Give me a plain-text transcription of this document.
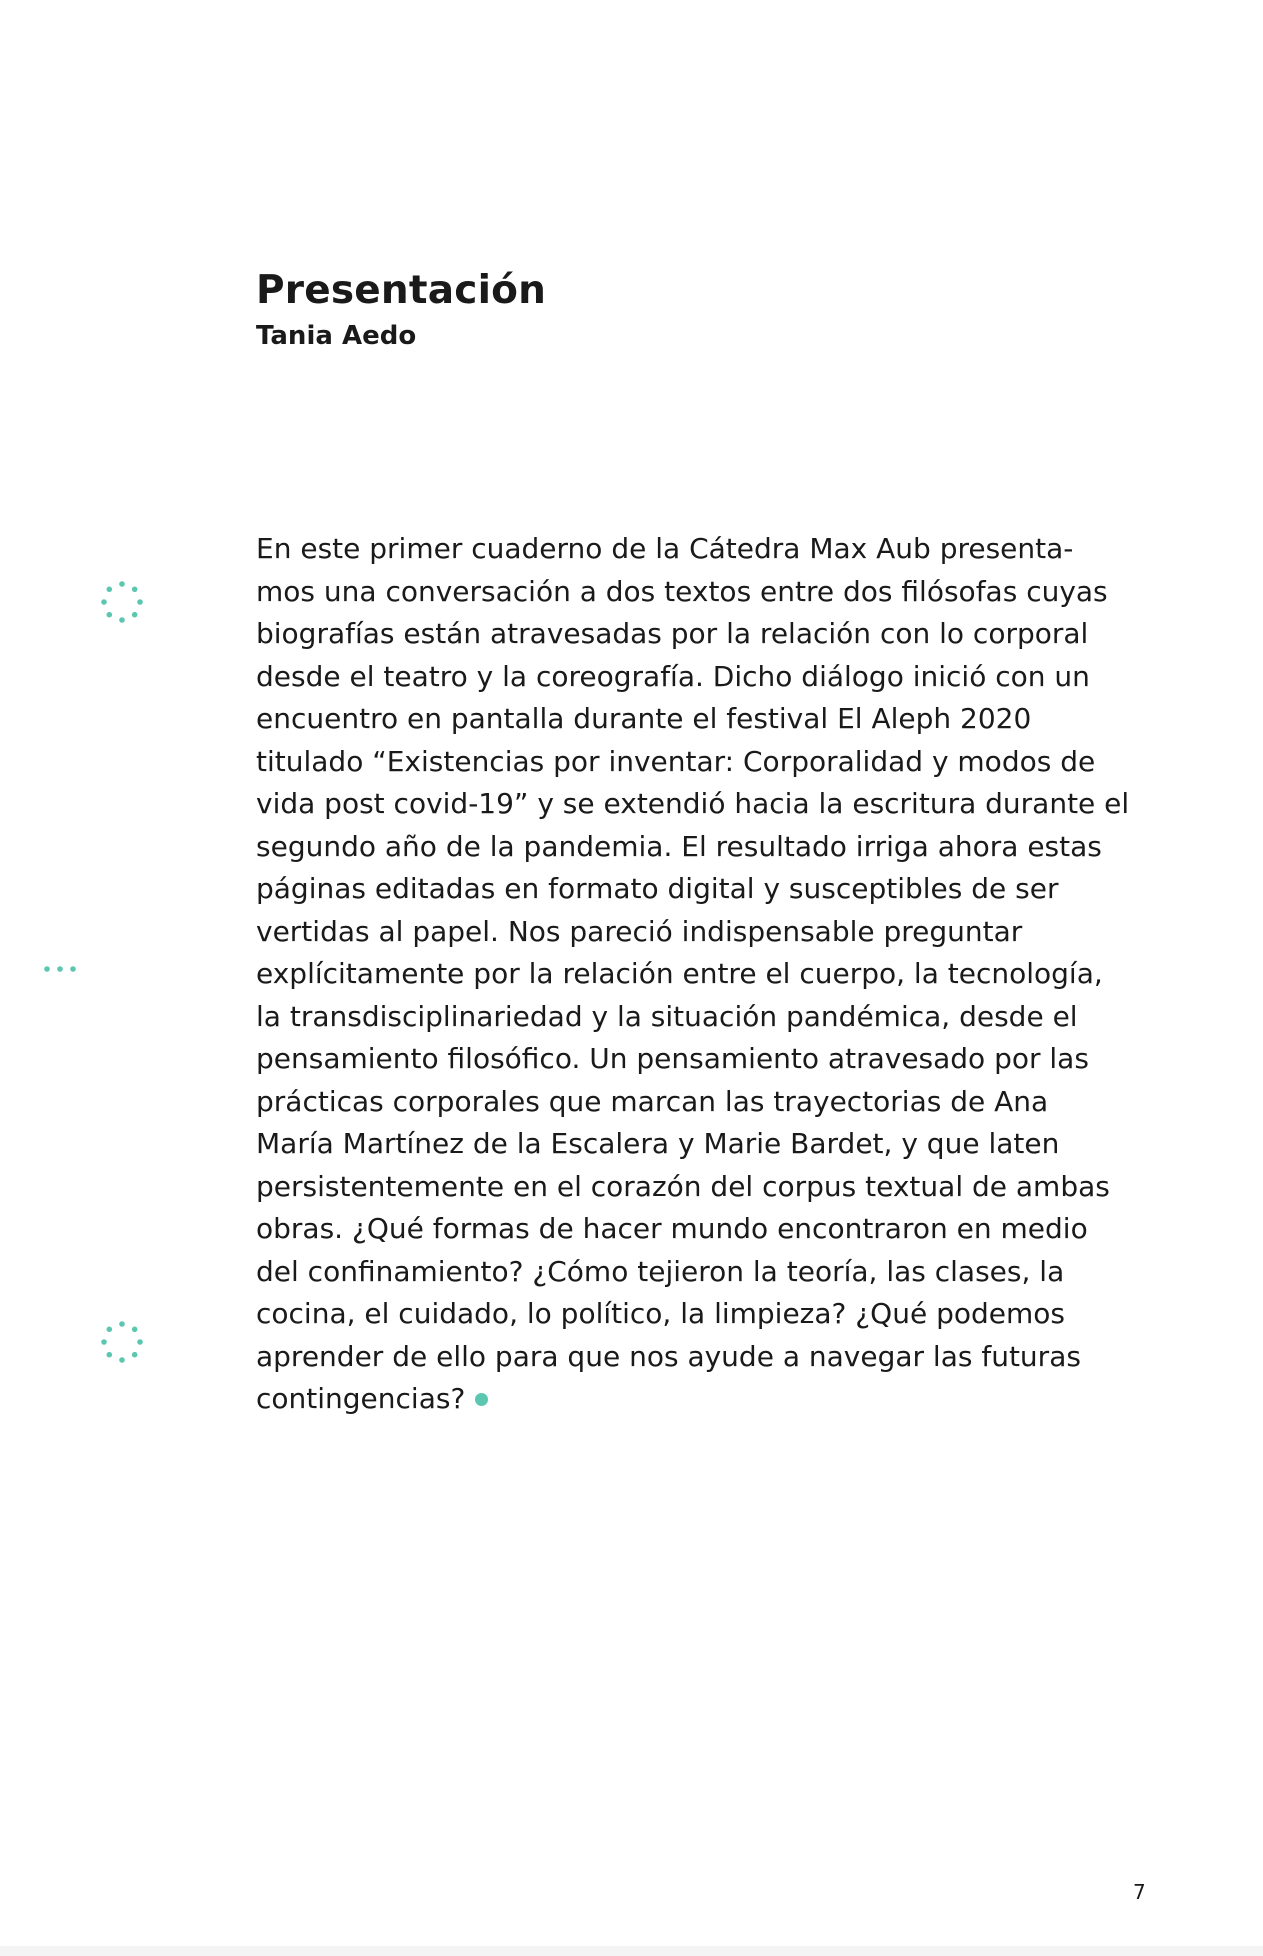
Presentación
Tania Aedo

En este primer cuaderno de la Cátedra Max Aub presenta-
mos una conversación a dos textos entre dos filósofas cuyas
biografías están atravesadas por la relación con lo corporal
desde el teatro y la coreografía. Dicho diálogo inició con un
encuentro en pantalla durante el festival El Aleph 2020
titulado “Existencias por inventar: Corporalidad y modos de
vida post covid-19” y se extendió hacia la escritura durante el
segundo año de la pandemia. El resultado irriga ahora estas
páginas editadas en formato digital y susceptibles de ser
vertidas al papel. Nos pareció indispensable preguntar
explícitamente por la relación entre el cuerpo, la tecnología,
la transdisciplinariedad y la situación pandémica, desde el
pensamiento filosófico. Un pensamiento atravesado por las
prácticas corporales que marcan las trayectorias de Ana
María Martínez de la Escalera y Marie Bardet, y que laten
persistentemente en el corazón del corpus textual de ambas
obras. ¿Qué formas de hacer mundo encontraron en medio
del confinamiento? ¿Cómo tejieron la teoría, las clases, la
cocina, el cuidado, lo político, la limpieza? ¿Qué podemos
aprender de ello para que nos ayude a navegar las futuras
contingencias?

7
